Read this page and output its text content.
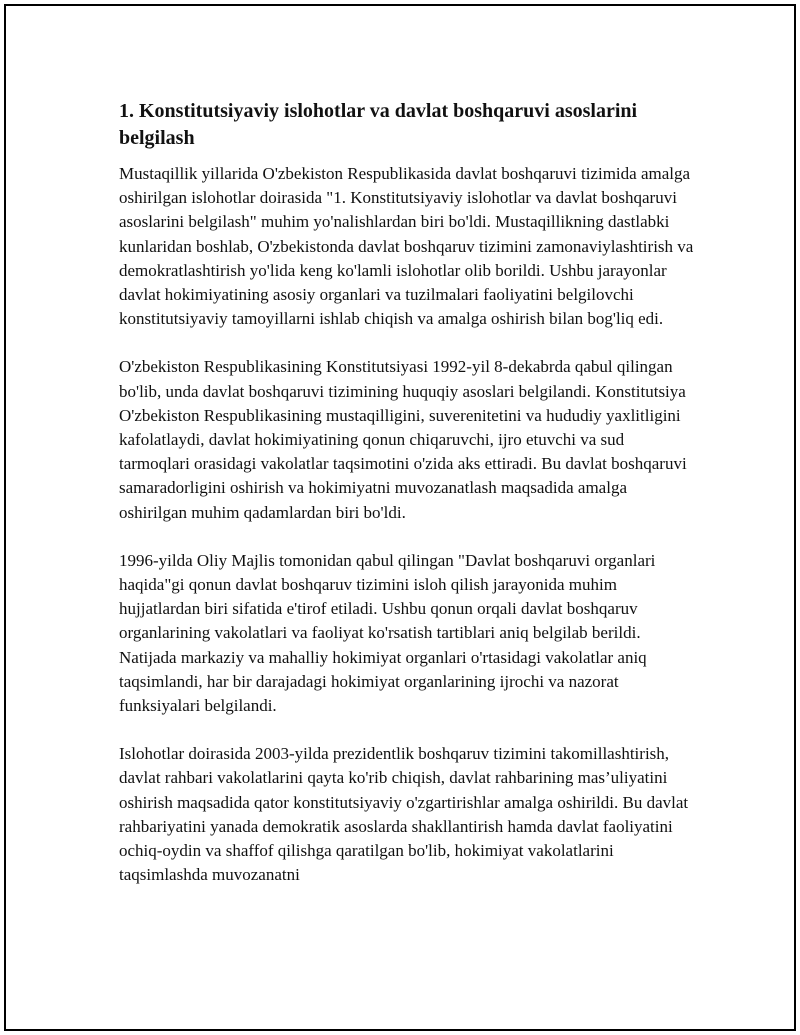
1. Konstitutsiyaviy islohotlar va davlat boshqaruvi asoslarini belgilash

Mustaqillik yillarida O'zbekiston Respublikasida davlat boshqaruvi tizimida amalga oshirilgan islohotlar doirasida "1. Konstitutsiyaviy islohotlar va davlat boshqaruvi asoslarini belgilash" muhim yo'nalishlardan biri bo'ldi. Mustaqillikning dastlabki kunlaridan boshlab, O'zbekistonda davlat boshqaruv tizimini zamonaviylashtirish va demokratlashtirish yo'lida keng ko'lamli islohotlar olib borildi. Ushbu jarayonlar davlat hokimiyatining asosiy organlari va tuzilmalari faoliyatini belgilovchi konstitutsiyaviy tamoyillarni ishlab chiqish va amalga oshirish bilan bog'liq edi.

O'zbekiston Respublikasining Konstitutsiyasi 1992-yil 8-dekabrda qabul qilingan bo'lib, unda davlat boshqaruvi tizimining huquqiy asoslari belgilandi. Konstitutsiya O'zbekiston Respublikasining mustaqilligini, suverenitetini va hududiy yaxlitligini kafolatlaydi, davlat hokimiyatining qonun chiqaruvchi, ijro etuvchi va sud tarmoqlari orasidagi vakolatlar taqsimotini o'zida aks ettiradi. Bu davlat boshqaruvi samaradorligini oshirish va hokimiyatni muvozanatlash maqsadida amalga oshirilgan muhim qadamlardan biri bo'ldi.

1996-yilda Oliy Majlis tomonidan qabul qilingan "Davlat boshqaruvi organlari haqida"gi qonun davlat boshqaruv tizimini isloh qilish jarayonida muhim hujjatlardan biri sifatida e'tirof etiladi. Ushbu qonun orqali davlat boshqaruv organlarining vakolatlari va faoliyat ko'rsatish tartiblari aniq belgilab berildi. Natijada markaziy va mahalliy hokimiyat organlari o'rtasidagi vakolatlar aniq taqsimlandi, har bir darajadagi hokimiyat organlarining ijrochi va nazorat funksiyalari belgilandi.

Islohotlar doirasida 2003-yilda prezidentlik boshqaruv tizimini takomillashtirish, davlat rahbari vakolatlarini qayta ko'rib chiqish, davlat rahbarining mas’uliyatini oshirish maqsadida qator konstitutsiyaviy o'zgartirishlar amalga oshirildi. Bu davlat rahbariyatini yanada demokratik asoslarda shakllantirish hamda davlat faoliyatini ochiq-oydin va shaffof qilishga qaratilgan bo'lib, hokimiyat vakolatlarini taqsimlashda muvozanatni
